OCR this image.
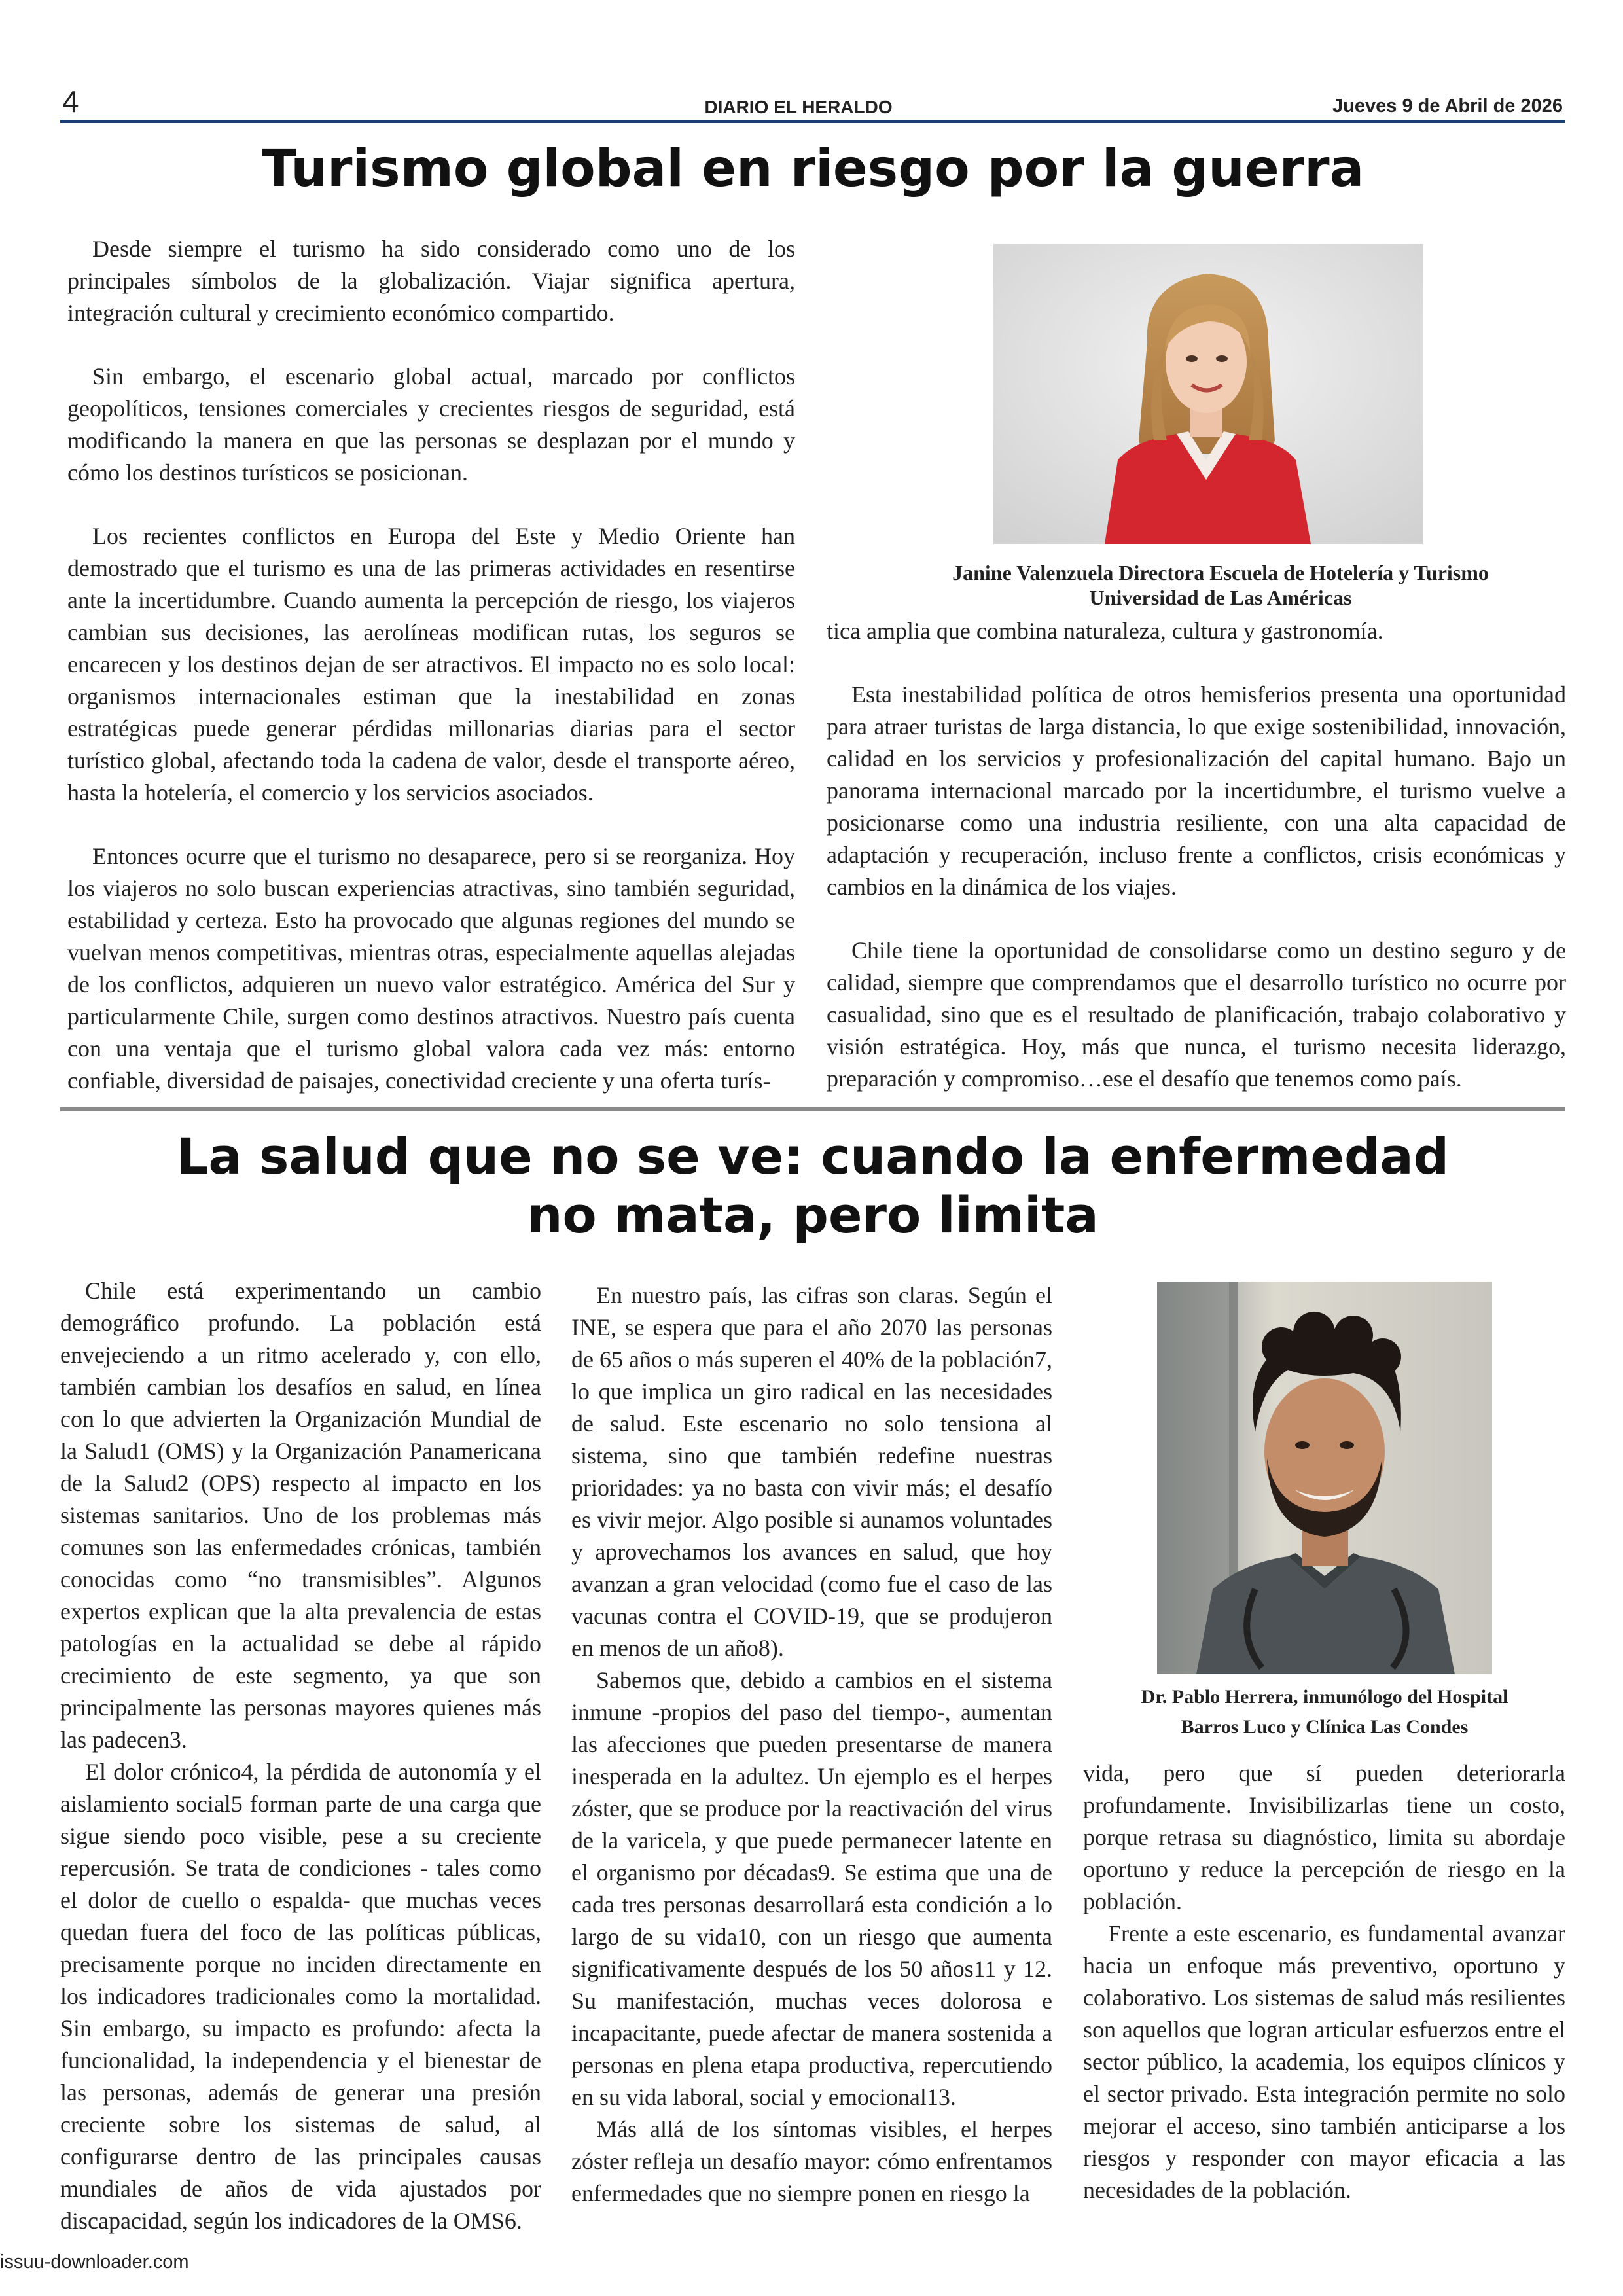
4	DIARIO EL HERALDO	Jueves 9 de Abril de 2026
Turismo global en riesgo por la guerra

Desde siempre el turismo ha sido considerado como uno de los principales símbolos de la globalización. Viajar significa apertura, integración cultural y crecimiento económico compartido.

Sin embargo, el escenario global actual, marcado por conflictos geopolíticos, tensiones comerciales y crecientes riesgos de seguridad, está modificando la manera en que las personas se desplazan por el mundo y cómo los destinos turísticos se posicionan.

Los recientes conflictos en Europa del Este y Medio Oriente han demostrado que el turismo es una de las primeras actividades en resentirse ante la incertidumbre. Cuando aumenta la percepción de riesgo, los viajeros cambian sus decisiones, las aerolíneas modifican rutas, los seguros se encarecen y los destinos dejan de ser atractivos. El impacto no es solo local: organismos internacionales estiman que la inestabilidad en zonas estratégicas puede generar pérdidas millonarias diarias para el sector turístico global, afectando toda la cadena de valor, desde el transporte aéreo, hasta la hotelería, el comercio y los servicios asociados.

Entonces ocurre que el turismo no desaparece, pero si se reorganiza. Hoy los viajeros no solo buscan experiencias atractivas, sino también seguridad, estabilidad y certeza. Esto ha provocado que algunas regiones del mundo se vuelvan menos competitivas, mientras otras, especialmente aquellas alejadas de los conflictos, adquieren un nuevo valor estratégico. América del Sur y particularmente Chile, surgen como destinos atractivos. Nuestro país cuenta con una ventaja que el turismo global valora cada vez más: entorno confiable, diversidad de paisajes, conectividad creciente y una oferta turís-

Janine Valenzuela Directora Escuela de Hotelería y Turismo Universidad de Las Américas

tica amplia que combina naturaleza, cultura y gastronomía.

Esta inestabilidad política de otros hemisferios presenta una oportunidad para atraer turistas de larga distancia, lo que exige sostenibilidad, innovación, calidad en los servicios y profesionalización del capital humano. Bajo un panorama internacional marcado por la incertidumbre, el turismo vuelve a posicionarse como una industria resiliente, con una alta capacidad de adaptación y recuperación, incluso frente a conflictos, crisis económicas y cambios en la dinámica de los viajes.

Chile tiene la oportunidad de consolidarse como un destino seguro y de calidad, siempre que comprendamos que el desarrollo turístico no ocurre por casualidad, sino que es el resultado de planificación, trabajo colaborativo y visión estratégica. Hoy, más que nunca, el turismo necesita liderazgo, preparación y compromiso…ese el desafío que tenemos como país.

La salud que no se ve: cuando la enfermedad
no mata, pero limita

Chile está experimentando un cambio demográfico profundo. La población está envejeciendo a un ritmo acelerado y, con ello, también cambian los desafíos en salud, en línea con lo que advierten la Organización Mundial de la Salud1 (OMS) y la Organización Panamericana de la Salud2 (OPS) respecto al impacto en los sistemas sanitarios. Uno de los problemas más comunes son las enfermedades crónicas, también conocidas como “no transmisibles”. Algunos expertos explican que la alta prevalencia de estas patologías en la actualidad se debe al rápido crecimiento de este segmento, ya que son principalmente las personas mayores quienes más las padecen3.

El dolor crónico4, la pérdida de autonomía y el aislamiento social5 forman parte de una carga que sigue siendo poco visible, pese a su creciente repercusión. Se trata de condiciones - tales como el dolor de cuello o espalda- que muchas veces quedan fuera del foco de las políticas públicas, precisamente porque no inciden directamente en los indicadores tradicionales como la mortalidad. Sin embargo, su impacto es profundo: afecta la funcionalidad, la independencia y el bienestar de las personas, además de generar una presión creciente sobre los sistemas de salud, al configurarse dentro de las principales causas mundiales de años de vida ajustados por discapacidad, según los indicadores de la OMS6.

En nuestro país, las cifras son claras. Según el INE, se espera que para el año 2070 las personas de 65 años o más superen el 40% de la población7, lo que implica un giro radical en las necesidades de salud. Este escenario no solo tensiona al sistema, sino que también redefine nuestras prioridades: ya no basta con vivir más; el desafío es vivir mejor. Algo posible si aunamos voluntades y aprovechamos los avances en salud, que hoy avanzan a gran velocidad (como fue el caso de las vacunas contra el COVID-19, que se produjeron en menos de un año8).

Sabemos que, debido a cambios en el sistema inmune -propios del paso del tiempo-, aumentan las afecciones que pueden presentarse de manera inesperada en la adultez. Un ejemplo es el herpes zóster, que se produce por la reactivación del virus de la varicela, y que puede permanecer latente en el organismo por décadas9. Se estima que una de cada tres personas desarrollará esta condición a lo largo de su vida10, con un riesgo que aumenta significativamente después de los 50 años11 y 12. Su manifestación, muchas veces dolorosa e incapacitante, puede afectar de manera sostenida a personas en plena etapa productiva, repercutiendo en su vida laboral, social y emocional13.

Más allá de los síntomas visibles, el herpes zóster refleja un desafío mayor: cómo enfrentamos enfermedades que no siempre ponen en riesgo la

Dr. Pablo Herrera, inmunólogo del Hospital
Barros Luco y Clínica Las Condes

vida, pero que sí pueden deteriorarla profundamente. Invisibilizarlas tiene un costo, porque retrasa su diagnóstico, limita su abordaje oportuno y reduce la percepción de riesgo en la población.

Frente a este escenario, es fundamental avanzar hacia un enfoque más preventivo, oportuno y colaborativo. Los sistemas de salud más resilientes son aquellos que logran articular esfuerzos entre el sector público, la academia, los equipos clínicos y el sector privado. Esta integración permite no solo mejorar el acceso, sino también anticiparse a los riesgos y responder con mayor eficacia a las necesidades de la población.

issuu-downloader.com
